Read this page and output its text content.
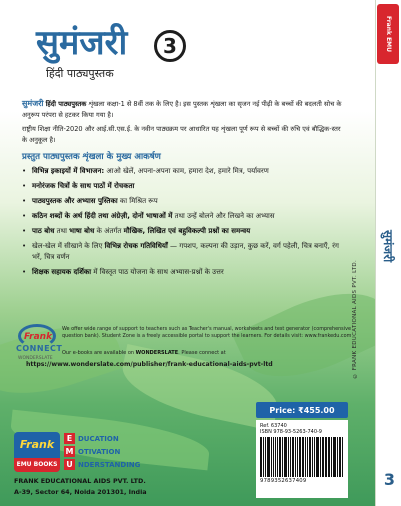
सुमंजरी	3
हिंदी पाठ्यपुस्तक
सुमंजरी हिंदी पाठ्यपुस्तक शृंखला कक्षा-1 से 8वीं तक के लिए है। इस पुस्तक शृंखला का सृजन नई पीढ़ी के बच्चों की बदलती सोच के अनुरूप परंपरा से हटकर किया गया है।
राष्ट्रीय शिक्षा नीति-2020 और आई.सी.एस.ई. के नवीन पाठ्यक्रम पर आधारित यह शृंखला पूर्ण रूप से बच्चों की रुचि एवं बौद्धिक-स्तर के अनुकूल है।
प्रस्तुत पाठ्यपुस्तक शृंखला के मुख्य आकर्षण
• विभिन्न इकाइयों में विभाजन: आओ खेलें, अपना-अपना काम, हमारा देश, हमारे मित्र, पर्यावरण
• मनोरंजक चित्रों के साथ पाठों में रोचकता
• पाठ्यपुस्तक और अभ्यास पुस्तिका का मिश्रित रूप
• कठिन शब्दों के अर्थ हिंदी तथा अंग्रेज़ी, दोनों भाषाओं में तथा उन्हें बोलने और लिखने का अभ्यास
• पाठ बोध तथा भाषा बोध के अंतर्गत मौखिक, लिखित एवं बहुविकल्पी प्रश्नों का समन्वय
• खेल-खेल में सीखाने के लिए विभिन्न रोचक गतिविधियाँ — गपशप, कल्पना की उड़ान, कुछ करें, वर्ग पहेली, चित्र बनाएँ, रंग भरें, चित्र वर्णन
• शिक्षक सहायक दर्शिका में विस्तृत पाठ योजना के साथ अभ्यास-प्रश्नों के उत्तर
Frank
CONNECT
WONDERSLATE
We offer wide range of support to teachers such as Teacher's manual, worksheets and test generator (comprehensive question bank). Student Zone is a freely accessible portal to support the learners. For details visit: www.frankedu.com
Our e-books are available on WONDERSLATE. Please connect at
https://www.wonderslate.com/publisher/frank-educational-aids-pvt-ltd
Frank
EMU BOOKS
E DUCATION
M OTIVATION
U NDERSTANDING
FRANK EDUCATIONAL AIDS PVT. LTD.
A-39, Sector 64, Noida 201301, India
Price: ₹455.00
Ref. 63740
ISBN 978-93-5263-740-9
9789352637409
© FRANK EDUCATIONAL AIDS PVT. LTD.
Frank EMU BOOKS
सुमंजरी
3
